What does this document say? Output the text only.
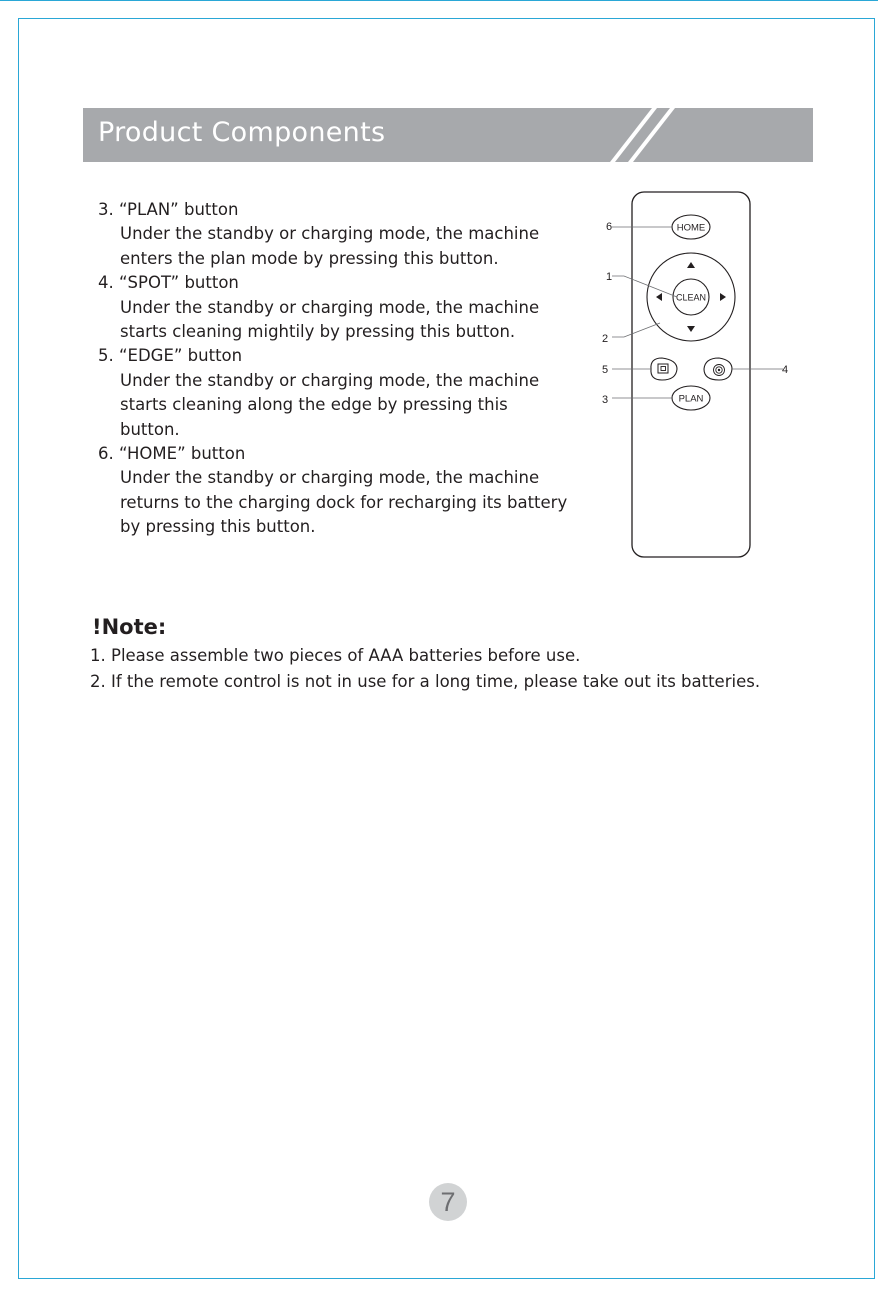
Product Components
3. “PLAN” button
Under the standby or charging mode, the machine
enters the plan mode by pressing this button.
4. “SPOT” button
Under the standby or charging mode, the machine
starts cleaning mightily by pressing this button.
5. “EDGE” button
Under the standby or charging mode, the machine
starts cleaning along the edge by pressing this
button.
6. “HOME” button
Under the standby or charging mode, the machine
returns to the charging dock for recharging its battery
by pressing this button.
HOME
CLEAN
PLAN
6
1
2
5
3
4
!Note:
1. Please assemble two pieces of AAA batteries before use.
2. If the remote control is not in use for a long time, please take out its batteries.
7
